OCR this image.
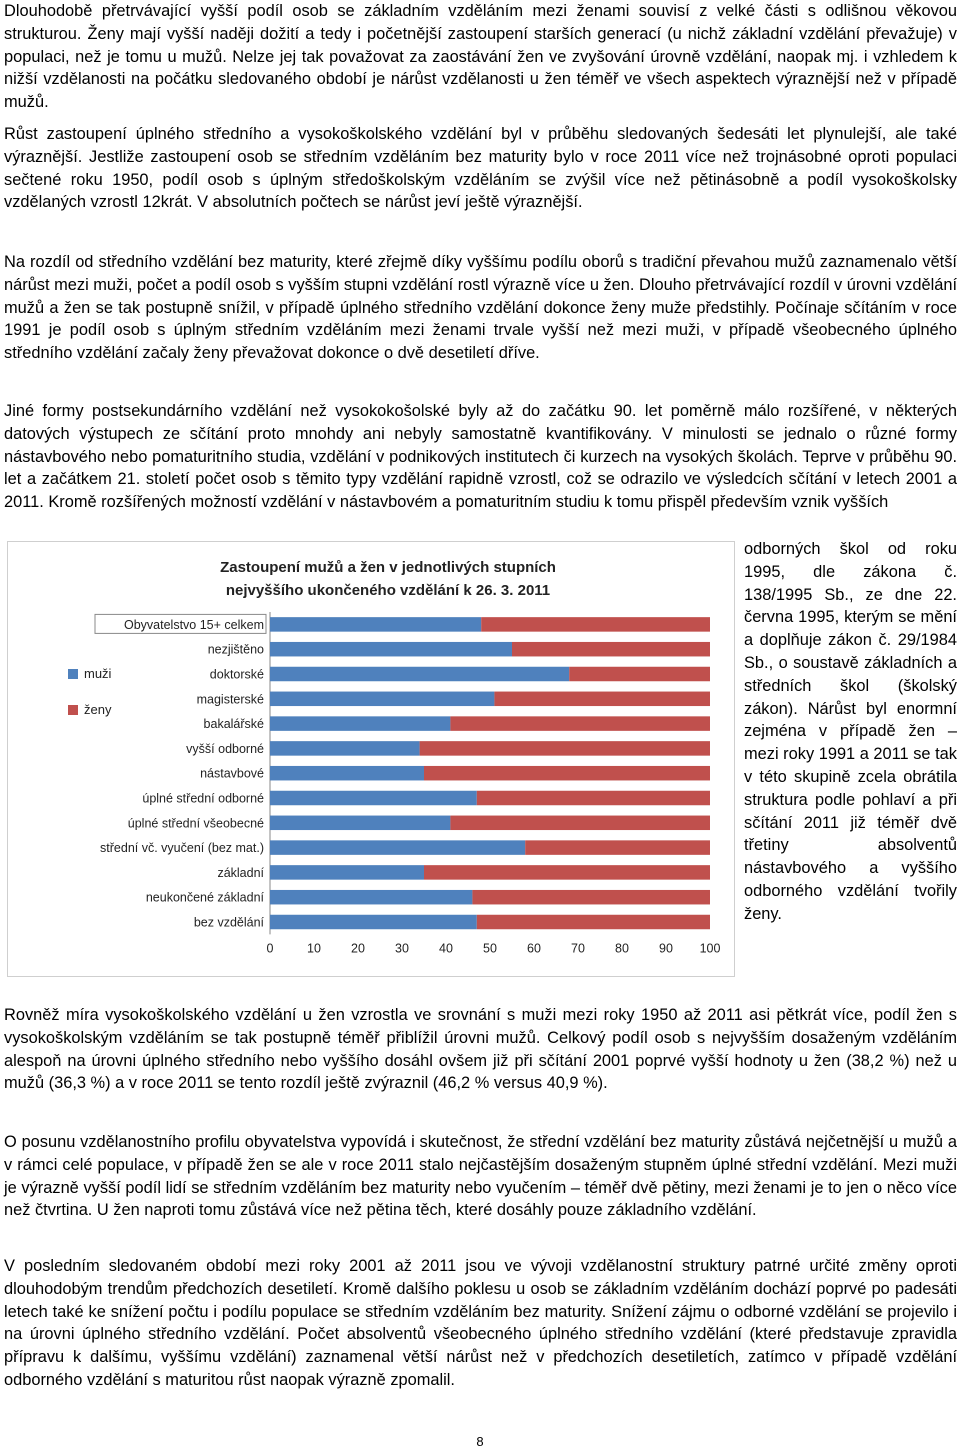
Dlouhodobě přetrvávající vyšší podíl osob se základním vzděláním mezi ženami souvisí z velké části s odlišnou věkovou strukturou. Ženy mají vyšší naději dožití a tedy i početnější zastoupení starších generací (u nichž základní vzdělání převažuje) v populaci, než je tomu u mužů. Nelze jej tak považovat za zaostávání žen ve zvyšování úrovně vzdělání, naopak mj. i vzhledem k nižší vzdělanosti na počátku sledovaného období je nárůst vzdělanosti u žen téměř ve všech aspektech výraznější než v případě mužů.

Růst zastoupení úplného středního a vysokoškolského vzdělání byl v průběhu sledovaných šedesáti let plynulejší, ale také výraznější. Jestliže zastoupení osob se středním vzděláním bez maturity bylo v roce 2011 více než trojnásobné oproti populaci sečtené roku 1950, podíl osob s úplným středoškolským vzděláním se zvýšil více než pětinásobně a podíl vysokoškolsky vzdělaných vzrostl 12krát. V absolutních počtech se nárůst jeví ještě výraznější.

Na rozdíl od středního vzdělání bez maturity, které zřejmě díky vyššímu podílu oborů s tradiční převahou mužů zaznamenalo větší nárůst mezi muži, počet a podíl osob s vyšším stupni vzdělání rostl výrazně více u žen. Dlouho přetrvávající rozdíl v úrovni vzdělání mužů a žen se tak postupně snížil, v případě úplného středního vzdělání dokonce ženy muže předstihly. Počínaje sčítáním v roce 1991 je podíl osob s úplným středním vzděláním mezi ženami trvale vyšší než mezi muži, v případě všeobecného úplného středního vzdělání začaly ženy převažovat dokonce o dvě desetiletí dříve.

Jiné formy postsekundárního vzdělání než vysokokošolské byly až do začátku 90. let poměrně málo rozšířené, v některých datových výstupech ze sčítání proto mnohdy ani nebyly samostatně kvantifikovány. V minulosti se jednalo o různé formy nástavbového nebo pomaturitního studia, vzdělání v podnikových institutech či kurzech na vysokých školách. Teprve v průběhu 90. let a začátkem 21. století počet osob s těmito typy vzdělání rapidně vzrostl, což se odrazilo ve výsledcích sčítání v letech 2001 a 2011. Kromě rozšířených možností vzdělání v nástavbovém a pomaturitním studiu k tomu přispěl především vznik vyšších

Zastoupení mužů a žen v jednotlivých stupních
nejvyššího ukončeného vzdělání k 26. 3. 2011
muži
ženy
Obyvatelstvo 15+ celkem
nezjištěno
doktorské
magisterské
bakalářské
vyšší odborné
nástavbové
úplné střední odborné
úplné střední všeobecné
střední vč. vyučení (bez mat.)
základní
neukončené základní
bez vzdělání
0	10 20 30 40 50 60 70 80 90 100

odborných škol od roku 1995, dle zákona č. 138/1995 Sb., ze dne 22. června 1995, kterým se mění a doplňuje zákon č. 29/1984 Sb., o soustavě základních a středních škol (školský zákon). Nárůst byl enormní zejména v případě žen – mezi roky 1991 a 2011 se tak v této skupině zcela obrátila struktura podle pohlaví a při sčítání 2011 již téměř dvě třetiny absolventů nástavbového a vyššího odborného vzdělání tvořily ženy.

Rovněž míra vysokoškolského vzdělání u žen vzrostla ve srovnání s muži mezi roky 1950 až 2011 asi pětkrát více, podíl žen s vysokoškolským vzděláním se tak postupně téměř přiblížil úrovni mužů. Celkový podíl osob s nejvyšším dosaženým vzděláním alespoň na úrovni úplného středního nebo vyššího dosáhl ovšem již při sčítání 2001 poprvé vyšší hodnoty u žen (38,2 %) než u mužů (36,3 %) a v roce 2011 se tento rozdíl ještě zvýraznil (46,2 % versus 40,9 %).

O posunu vzdělanostního profilu obyvatelstva vypovídá i skutečnost, že střední vzdělání bez maturity zůstává nejčetnější u mužů a v rámci celé populace, v případě žen se ale v roce 2011 stalo nejčastějším dosaženým stupněm úplné střední vzdělání. Mezi muži je výrazně vyšší podíl lidí se středním vzděláním bez maturity nebo vyučením – téměř dvě pětiny, mezi ženami je to jen o něco více než čtvrtina. U žen naproti tomu zůstává více než pětina těch, které dosáhly pouze základního vzdělání.

V posledním sledovaném období mezi roky 2001 až 2011 jsou ve vývoji vzdělanostní struktury patrné určité změny oproti dlouhodobým trendům předchozích desetiletí. Kromě dalšího poklesu u osob se základním vzděláním dochází poprvé po padesáti letech také ke snížení počtu i podílu populace se středním vzděláním bez maturity. Snížení zájmu o odborné vzdělání se projevilo i na úrovni úplného středního vzdělání. Počet absolventů všeobecného úplného středního vzdělání (které představuje zpravidla přípravu k dalšímu, vyššímu vzdělání) zaznamenal větší nárůst než v předchozích desetiletích, zatímco v případě vzdělání odborného vzdělání s maturitou růst naopak výrazně zpomalil.

8
